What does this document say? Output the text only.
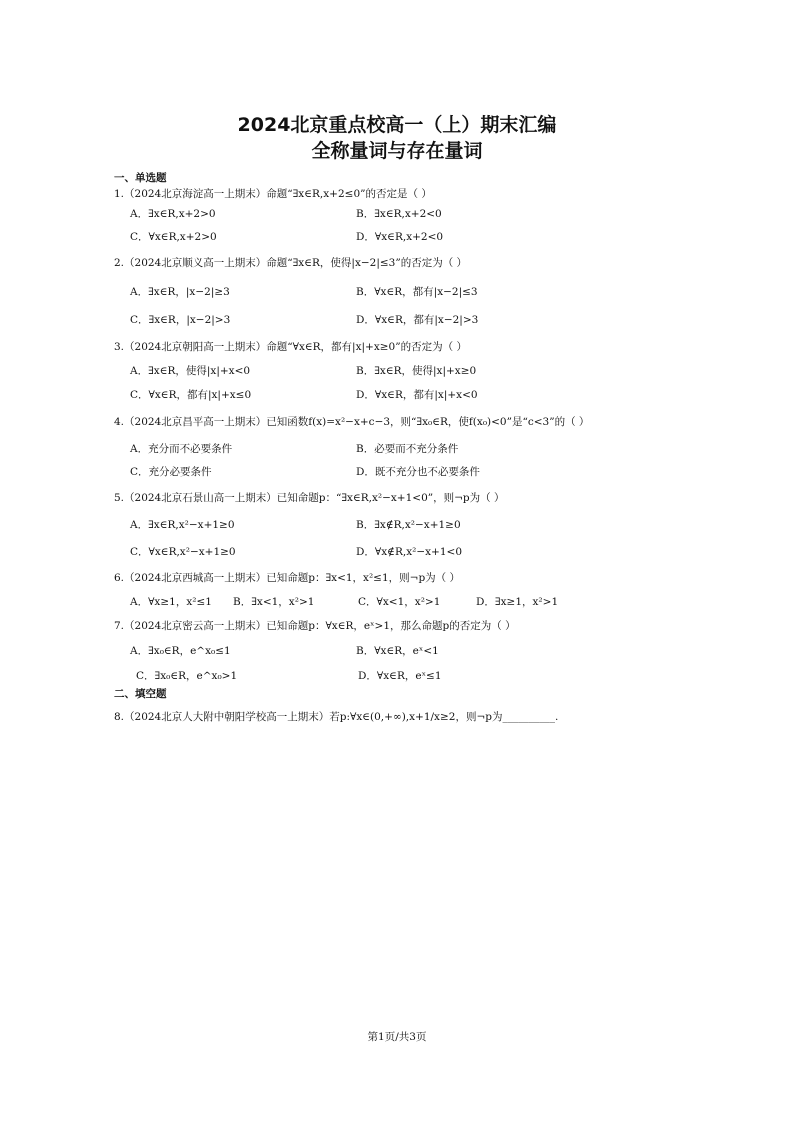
2024北京重点校高一（上）期末汇编
全称量词与存在量词
一、单选题
1.（2024北京海淀高一上期末）命题“∃x∈R,x+2≤0”的否定是（ ）
A．∃x∈R,x+2>0	B．∃x∈R,x+2<0
C．∀x∈R,x+2>0	D．∀x∈R,x+2<0
2.（2024北京顺义高一上期末）命题“∃x∈R，使得|x−2|≤3”的否定为（ ）
A．∃x∈R，|x−2|≥3	B．∀x∈R，都有|x−2|≤3
C．∃x∈R，|x−2|>3	D．∀x∈R，都有|x−2|>3
3.（2024北京朝阳高一上期末）命题“∀x∈R，都有|x|+x≥0”的否定为（ ）
A．∃x∈R，使得|x|+x<0	B．∃x∈R，使得|x|+x≥0
C．∀x∈R，都有|x|+x≤0	D．∀x∈R，都有|x|+x<0
4.（2024北京昌平高一上期末）已知函数f(x)=x²−x+c−3，则“∃x₀∈R，使f(x₀)<0”是“c<3”的（ ）
A．充分而不必要条件	B．必要而不充分条件
C．充分必要条件	D．既不充分也不必要条件
5.（2024北京石景山高一上期末）已知命题p：“∃x∈R,x²−x+1<0”，则¬p为（ ）
A．∃x∈R,x²−x+1≥0	B．∃x∉R,x²−x+1≥0
C．∀x∈R,x²−x+1≥0	D．∀x∉R,x²−x+1<0
6.（2024北京西城高一上期末）已知命题p：∃x<1，x²≤1，则¬p为（ ）
A．∀x≥1，x²≤1 B．∃x<1，x²>1	C．∀x<1，x²>1	D．∃x≥1，x²>1
7.（2024北京密云高一上期末）已知命题p：∀x∈R，eˣ>1，那么命题p的否定为（ ）
A．∃x₀∈R，e^x₀≤1	B．∀x∈R，eˣ<1
C．∃x₀∈R，e^x₀>1	D．∀x∈R，eˣ≤1
二、填空题
8.（2024北京人大附中朝阳学校高一上期末）若p:∀x∈(0,+∞),x+1/x≥2，则¬p为__________.
第1页/共3页
